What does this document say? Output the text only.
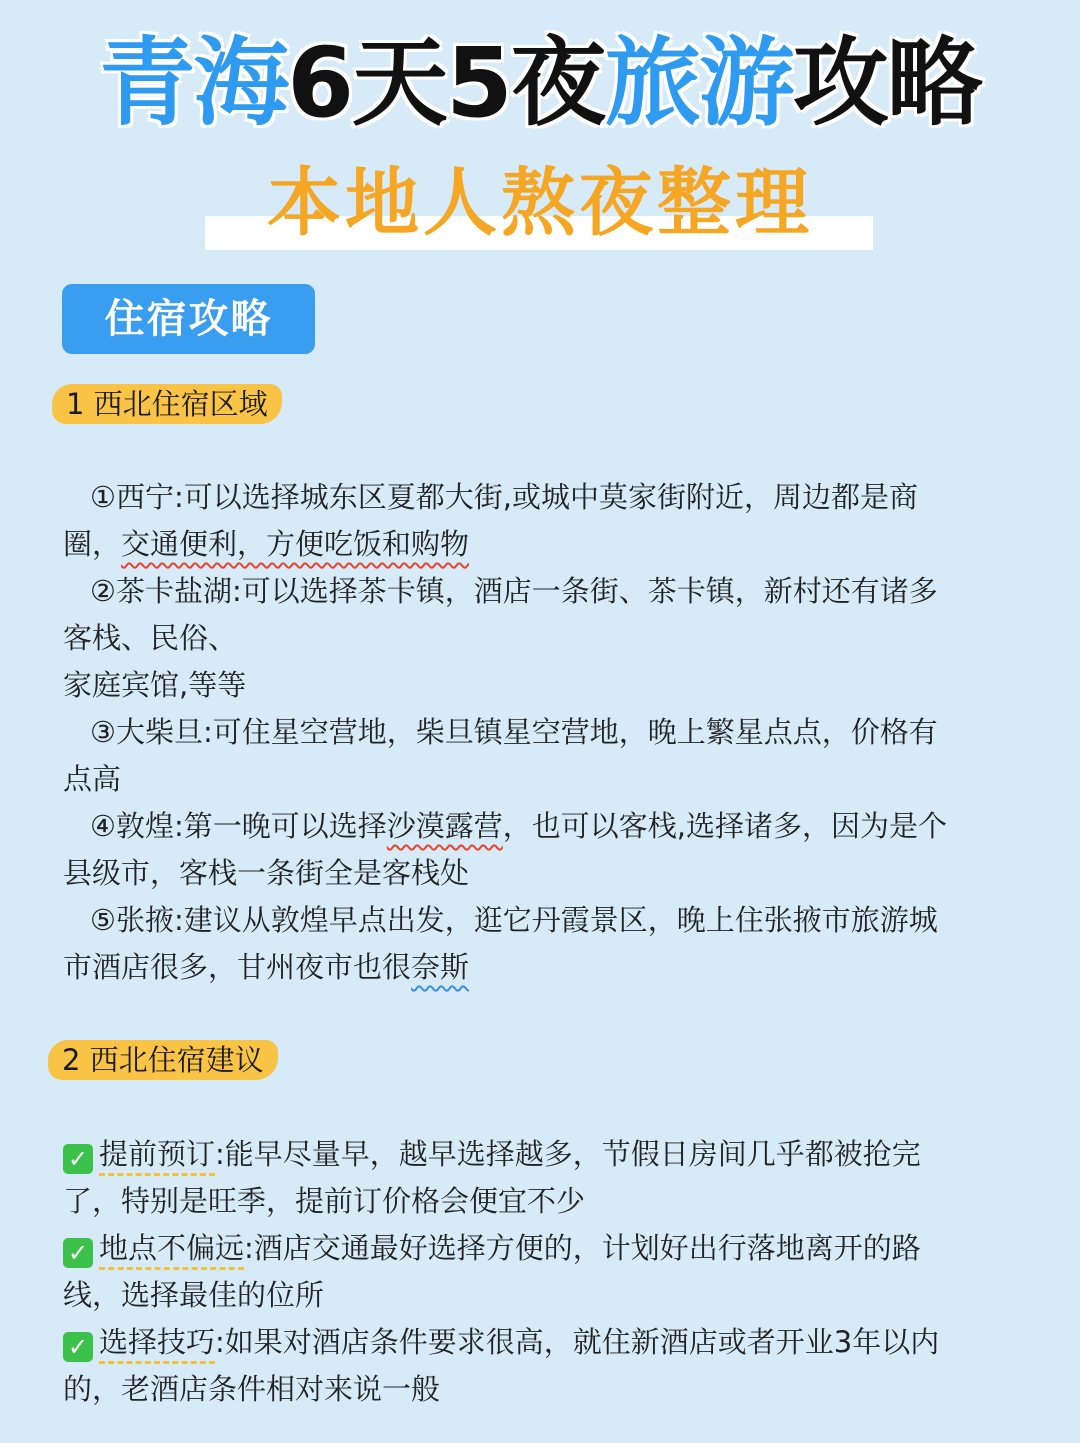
青海6天5夜旅游攻略
本地人熬夜整理
住宿攻略
1 西北住宿区域
①西宁:可以选择城东区夏都大街,或城中莫家街附近，周边都是商
圈，交通便利，方便吃饭和购物
②茶卡盐湖:可以选择茶卡镇，酒店一条街、茶卡镇，新村还有诸多
客栈、民俗、
家庭宾馆,等等
③大柴旦:可住星空营地，柴旦镇星空营地，晚上繁星点点，价格有
点高
④敦煌:第一晚可以选择沙漠露营，也可以客栈,选择诸多，因为是个
县级市，客栈一条街全是客栈处
⑤张掖:建议从敦煌早点出发，逛它丹霞景区，晚上住张掖市旅游城
市酒店很多，甘州夜市也很奈斯
2 西北住宿建议
✓ 提前预订:能早尽量早，越早选择越多，节假日房间几乎都被抢完
了，特别是旺季，提前订价格会便宜不少
✓ 地点不偏远:酒店交通最好选择方便的，计划好出行落地离开的路
线，选择最佳的位所
✓ 选择技巧:如果对酒店条件要求很高，就住新酒店或者开业3年以内
的，老酒店条件相对来说一般
